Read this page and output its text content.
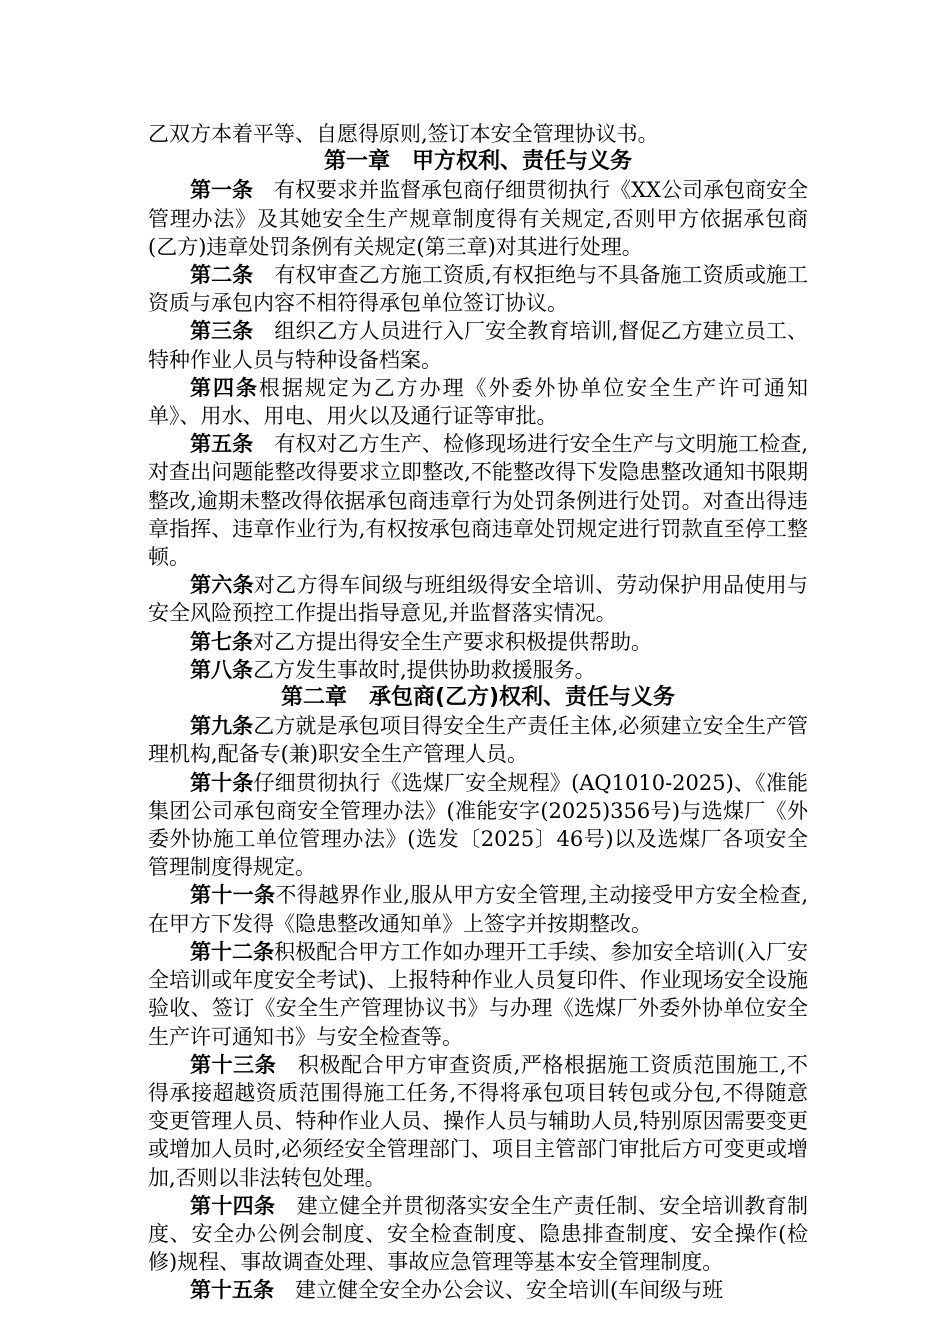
乙双方本着平等、自愿得原则,签订本安全管理协议书。

第一章　甲方权利、责任与义务

第一条 有权要求并监督承包商仔细贯彻执行《XX公司承包商安全管理办法》及其她安全生产规章制度得有关规定,否则甲方依据承包商(乙方)违章处罚条例有关规定(第三章)对其进行处理。

第二条 有权审查乙方施工资质,有权拒绝与不具备施工资质或施工资质与承包内容不相符得承包单位签订协议。

第三条 组织乙方人员进行入厂安全教育培训,督促乙方建立员工、特种作业人员与特种设备档案。

第四条根据规定为乙方办理《外委外协单位安全生产许可通知单》、用水、用电、用火以及通行证等审批。

第五条 有权对乙方生产、检修现场进行安全生产与文明施工检查,对查出问题能整改得要求立即整改,不能整改得下发隐患整改通知书限期整改,逾期未整改得依据承包商违章行为处罚条例进行处罚。对查出得违章指挥、违章作业行为,有权按承包商违章处罚规定进行罚款直至停工整顿。

第六条对乙方得车间级与班组级得安全培训、劳动保护用品使用与安全风险预控工作提出指导意见,并监督落实情况。

第七条对乙方提出得安全生产要求积极提供帮助。

第八条乙方发生事故时,提供协助救援服务。

第二章　承包商(乙方)权利、责任与义务

第九条乙方就是承包项目得安全生产责任主体,必须建立安全生产管理机构,配备专(兼)职安全生产管理人员。

第十条仔细贯彻执行《选煤厂安全规程》(AQ1010-2025)、《准能集团公司承包商安全管理办法》(准能安字(2025)356号)与选煤厂《外委外协施工单位管理办法》(选发〔2025〕46号)以及选煤厂各项安全管理制度得规定。

第十一条不得越界作业,服从甲方安全管理,主动接受甲方安全检查,在甲方下发得《隐患整改通知单》上签字并按期整改。

第十二条积极配合甲方工作如办理开工手续、参加安全培训(入厂安全培训或年度安全考试)、上报特种作业人员复印件、作业现场安全设施验收、签订《安全生产管理协议书》与办理《选煤厂外委外协单位安全生产许可通知书》与安全检查等。

第十三条 积极配合甲方审查资质,严格根据施工资质范围施工,不得承接超越资质范围得施工任务,不得将承包项目转包或分包,不得随意变更管理人员、特种作业人员、操作人员与辅助人员,特别原因需要变更或增加人员时,必须经安全管理部门、项目主管部门审批后方可变更或增加,否则以非法转包处理。

第十四条 建立健全并贯彻落实安全生产责任制、安全培训教育制度、安全办公例会制度、安全检查制度、隐患排查制度、安全操作(检修)规程、事故调查处理、事故应急管理等基本安全管理制度。

第十五条 建立健全安全办公会议、安全培训(车间级与班
